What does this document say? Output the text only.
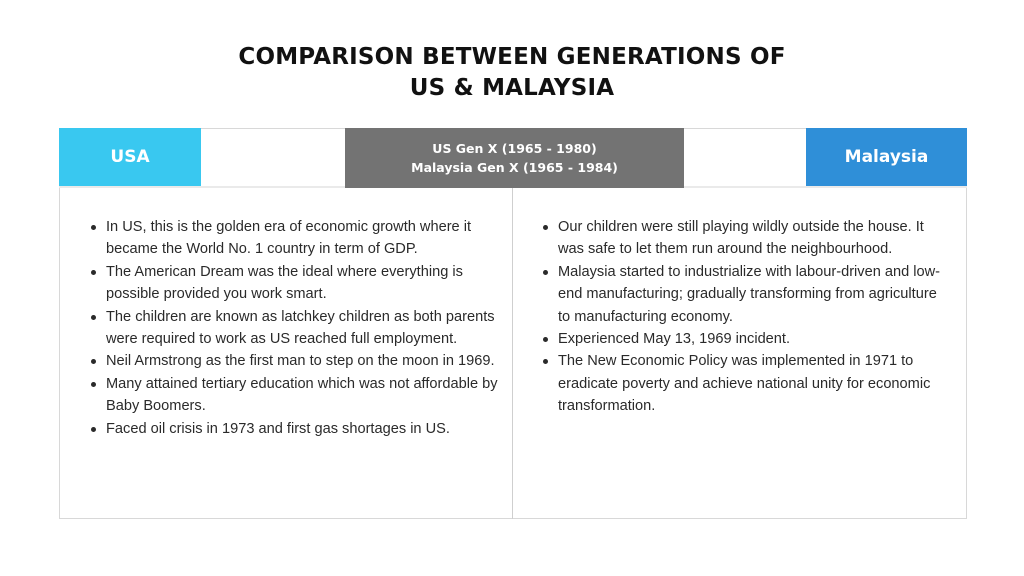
COMPARISON BETWEEN GENERATIONS OF
US & MALAYSIA
USA	US Gen X (1965 - 1980)
Malaysia Gen X (1965 - 1984)
Malaysia
In US, this is the golden era of economic growth where it became the World No. 1 country in term of GDP.
The American Dream was the ideal where everything is possible provided you work smart.
The children are known as latchkey children as both parents were required to work as US reached full employment.
Neil Armstrong as the first man to step on the moon in 1969.
Many attained tertiary education which was not affordable by Baby Boomers.
Faced oil crisis in 1973 and first gas shortages in US.
Our children were still playing wildly outside the house. It was safe to let them run around the neighbourhood.
Malaysia started to industrialize with labour-driven and low-end manufacturing; gradually transforming from agriculture to manufacturing economy.
Experienced May 13, 1969 incident.
The New Economic Policy was implemented in 1971 to eradicate poverty and achieve national unity for economic transformation.
